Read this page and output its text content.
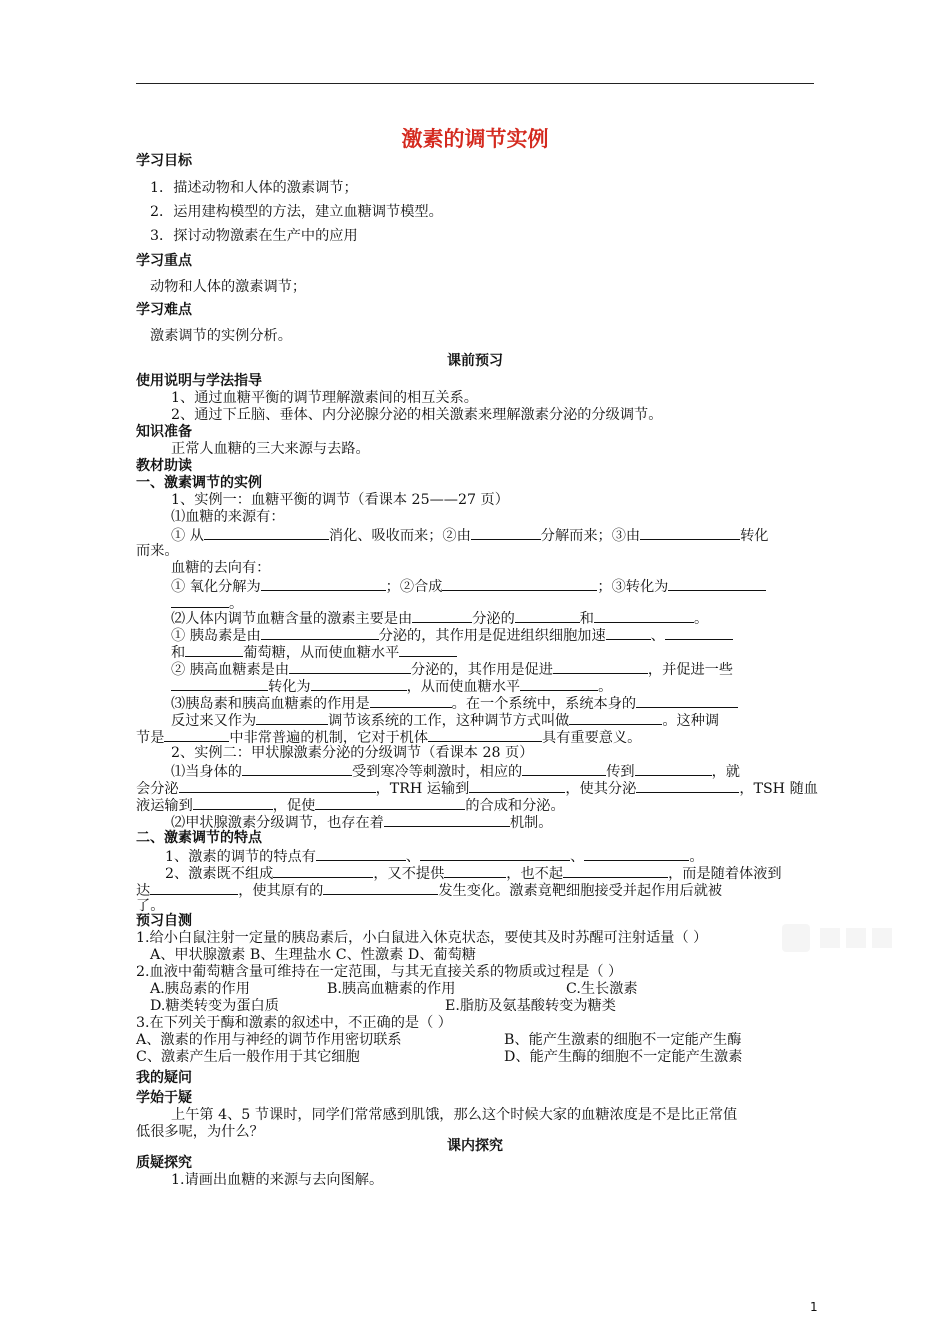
激素的调节实例
学习目标
1．描述动物和人体的激素调节；
2．运用建构模型的方法，建立血糖调节模型。
3．探讨动物激素在生产中的应用
学习重点
动物和人体的激素调节；
学习难点
激素调节的实例分析。
课前预习
使用说明与学法指导
1、通过血糖平衡的调节理解激素间的相互关系。
2、通过下丘脑、垂体、内分泌腺分泌的相关激素来理解激素分泌的分级调节。
知识准备
正常人血糖的三大来源与去路。
教材助读
一、激素调节的实例
1、实例一：血糖平衡的调节（看课本 25——27 页）
⑴血糖的来源有：
① 从	消化、吸收而来；②由	分解而来；③由	转化
而来。
血糖的去向有：
① 氧化分解为	；②合成	；③转化为
。
⑵人体内调节血糖含量的激素主要是由	分泌的	和	。
① 胰岛素是由	分泌的，其作用是促进组织细胞加速	、
和	葡萄糖，从而使血糖水平
② 胰高血糖素是由	分泌的，其作用是促进	，并促进一些
转化为	，从而使血糖水平	。
⑶胰岛素和胰高血糖素的作用是	。在一个系统中，系统本身的
反过来又作为	调节该系统的工作，这种调节方式叫做	。这种调
节是	中非常普遍的机制，它对于机体	具有重要意义。
2、实例二：甲状腺激素分泌的分级调节（看课本 28 页）
⑴当身体的	受到寒冷等刺激时，相应的	传到	，就
会分泌	，TRH 运输到	，使其分泌	，TSH 随血
液运输到	，促使	的合成和分泌。
⑵甲状腺激素分级调节，也存在着	机制。
二、激素调节的特点
1、激素的调节的特点有	、	、	。
2、激素既不组成	，又不提供	，也不起	，而是随着体液到
达	，使其原有的	发生变化。激素竟靶细胞接受并起作用后就被
了。
预习自测
1.给小白鼠注射一定量的胰岛素后，小白鼠进入休克状态，要使其及时苏醒可注射适量（ ）
A、甲状腺激素 B、生理盐水 C、性激素 D、葡萄糖
2.血液中葡萄糖含量可维持在一定范围，与其无直接关系的物质或过程是（ ）
A.胰岛素的作用	B.胰高血糖素的作用	C.生长激素
D.糖类转变为蛋白质	E.脂肪及氨基酸转变为糖类
3.在下列关于酶和激素的叙述中，不正确的是（ ）
A、激素的作用与神经的调节作用密切联系	B、能产生激素的细胞不一定能产生酶
C、激素产生后一般作用于其它细胞	D、能产生酶的细胞不一定能产生激素
我的疑问
学始于疑
上午第 4、5 节课时，同学们常常感到肌饿，那么这个时候大家的血糖浓度是不是比正常值
低很多呢，为什么？
课内探究
质疑探究
1.请画出血糖的来源与去向图解。
1
